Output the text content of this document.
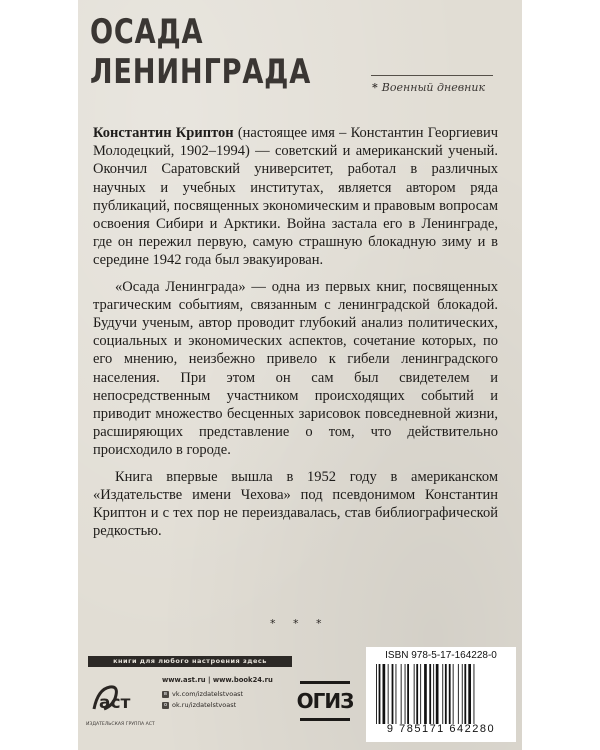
ОСАДА
ЛЕНИНГРАДА	* Военный дневник

Константин Криптон (настоящее имя – Константин Георгиевич Молодецкий, 1902–1994) — советский и американский ученый. Окончил Саратовский университет, работал в различных научных и учебных институтах, является автором ряда публикаций, посвященных экономическим и правовым вопросам освоения Сибири и Арктики. Война застала его в Ленинграде, где он пережил первую, самую страшную блокадную зиму и в середине 1942 года был эвакуирован.

«Осада Ленинграда» — одна из первых книг, посвященных трагическим событиям, связанным с ленинградской блокадой. Будучи ученым, автор проводит глубокий анализ политических, социальных и экономических аспектов, сочетание которых, по его мнению, неизбежно привело к гибели ленинградского населения. При этом он сам был свидетелем и непосредственным участником происходящих событий и приводит множество бесценных зарисовок повседневной жизни, расширяющих представление о том, что действительно происходило в городе.

Книга впервые вышла в 1952 году в американском «Издательстве имени Чехова» под псевдонимом Константин Криптон и с тех пор не переиздавалась, став библиографической редкостью.

* * *
книги для любого настроения здесь
аст
ИЗДАТЕЛЬСКАЯ ГРУППА АСТ
www.ast.ru | www.book24.ru
в vk.com/izdatelstvoast
о ok.ru/izdatelstvoast	ОГИЗ
ISBN 978-5-17-164228-0
9 785171 642280
